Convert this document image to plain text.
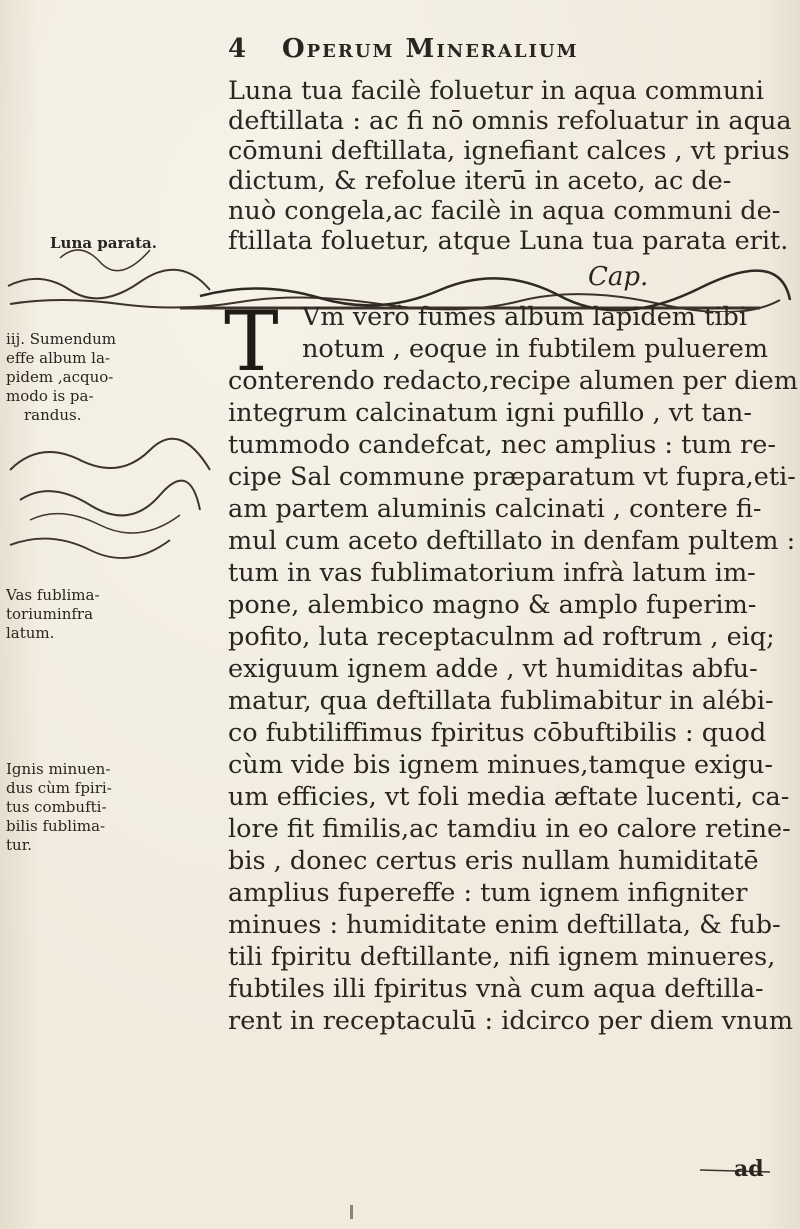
4 Operum Mineralium
Luna tua facilè foluetur in aqua communi
deftillata : ac fi nō omnis refoluatur in aqua
cōmuni deftillata, ignefiant calces , vt prius
dictum, & refolue iterū in aceto, ac de-
nuò congela,ac facilè in aqua communi de-
ftillata foluetur, atque Luna tua parata erit.
Luna parata.
Cap.
T Vm verò fumes album lapidem tibi
notum , eoque in fubtilem puluerem
conterendo redacto,recipe alumen per diem
integrum calcinatum igni pufillo , vt tan-
tummodo candefcat, nec amplius : tum re-
cipe Sal commune præparatum vt fupra,eti-
am partem aluminis calcinati , contere fi-
mul cum aceto deftillato in denfam pultem :
tum in vas fublimatorium infrà latum im-
pone, alembico magno & amplo fuperim-
pofito, luta receptaculnm ad roftrum , eiq;
exiguum ignem adde , vt humiditas abfu-
matur, qua deftillata fublimabitur in alébi-
co fubtiliffimus fpiritus cōbuftibilis : quod
cùm vide bis ignem minues,tamque exigu-
um efficies, vt foli media æftate lucenti, ca-
lore fit fimilis,ac tamdiu in eo calore retine-
bis , donec certus eris nullam humiditatē
amplius fupereffe : tum ignem infigniter
minues : humiditate enim deftillata, & fub-
tili fpiritu deftillante, nifi ignem minueres,
fubtiles illi fpiritus vnà cum aqua deftilla-
rent in receptaculū : idcirco per diem vnum
iij. Sumendum
effe album la-
pidem ,acquo-
modo is pa-
randus.
Vas fublima-
toriuminfra
latum.
Ignis minuen-
dus cùm fpiri-
tus combufti-
bilis fublima-
tur.
ad
